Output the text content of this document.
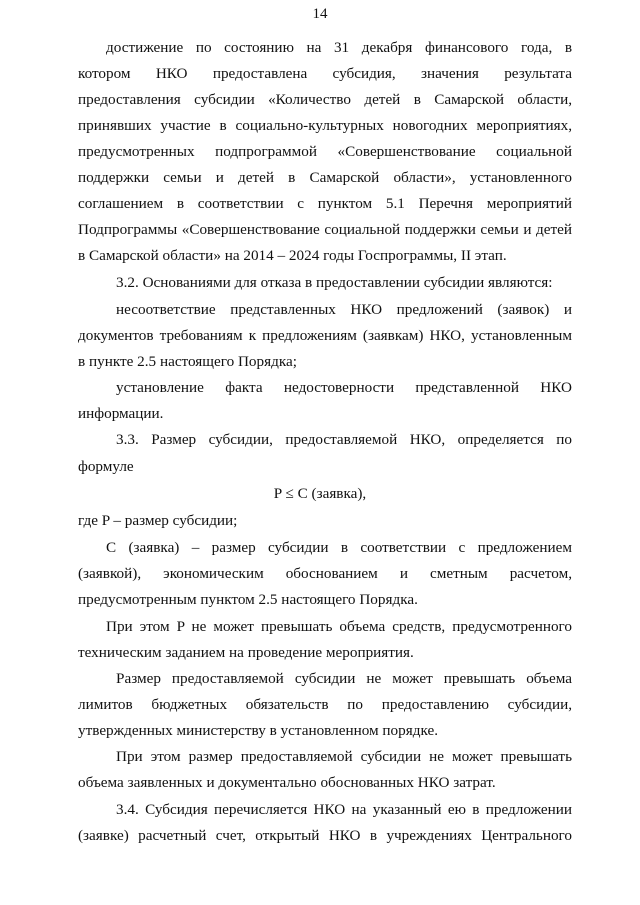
14
достижение по состоянию на 31 декабря финансового года, в
котором НКО предоставлена субсидия, значения результата
предоставления субсидии «Количество детей в Самарской области,
принявших участие в социально-культурных новогодних мероприятиях,
предусмотренных подпрограммой «Совершенствование социальной
поддержки семьи и детей в Самарской области», установленного
соглашением в соответствии с пунктом 5.1 Перечня мероприятий
Подпрограммы «Совершенствование социальной поддержки семьи и детей
в Самарской области» на 2014 – 2024 годы Госпрограммы, II этап.
3.2. Основаниями для отказа в предоставлении субсидии являются:
несоответствие представленных НКО предложений (заявок) и
документов требованиям к предложениям (заявкам) НКО, установленным
в пункте 2.5 настоящего Порядка;
установление факта недостоверности представленной НКО
информации.
3.3. Размер субсидии, предоставляемой НКО, определяется по
формуле
P ≤ C (заявка),
где P – размер субсидии;
C (заявка) – размер субсидии в соответствии с предложением
(заявкой), экономическим обоснованием и сметным расчетом,
предусмотренным пунктом 2.5 настоящего Порядка.
При этом P не может превышать объема средств, предусмотренного
техническим заданием на проведение мероприятия.
Размер предоставляемой субсидии не может превышать объема
лимитов бюджетных обязательств по предоставлению субсидии,
утвержденных министерству в установленном порядке.
При этом размер предоставляемой субсидии не может превышать
объема заявленных и документально обоснованных НКО затрат.
3.4. Субсидия перечисляется НКО на указанный ею в предложении
(заявке) расчетный счет, открытый НКО в учреждениях Центрального
